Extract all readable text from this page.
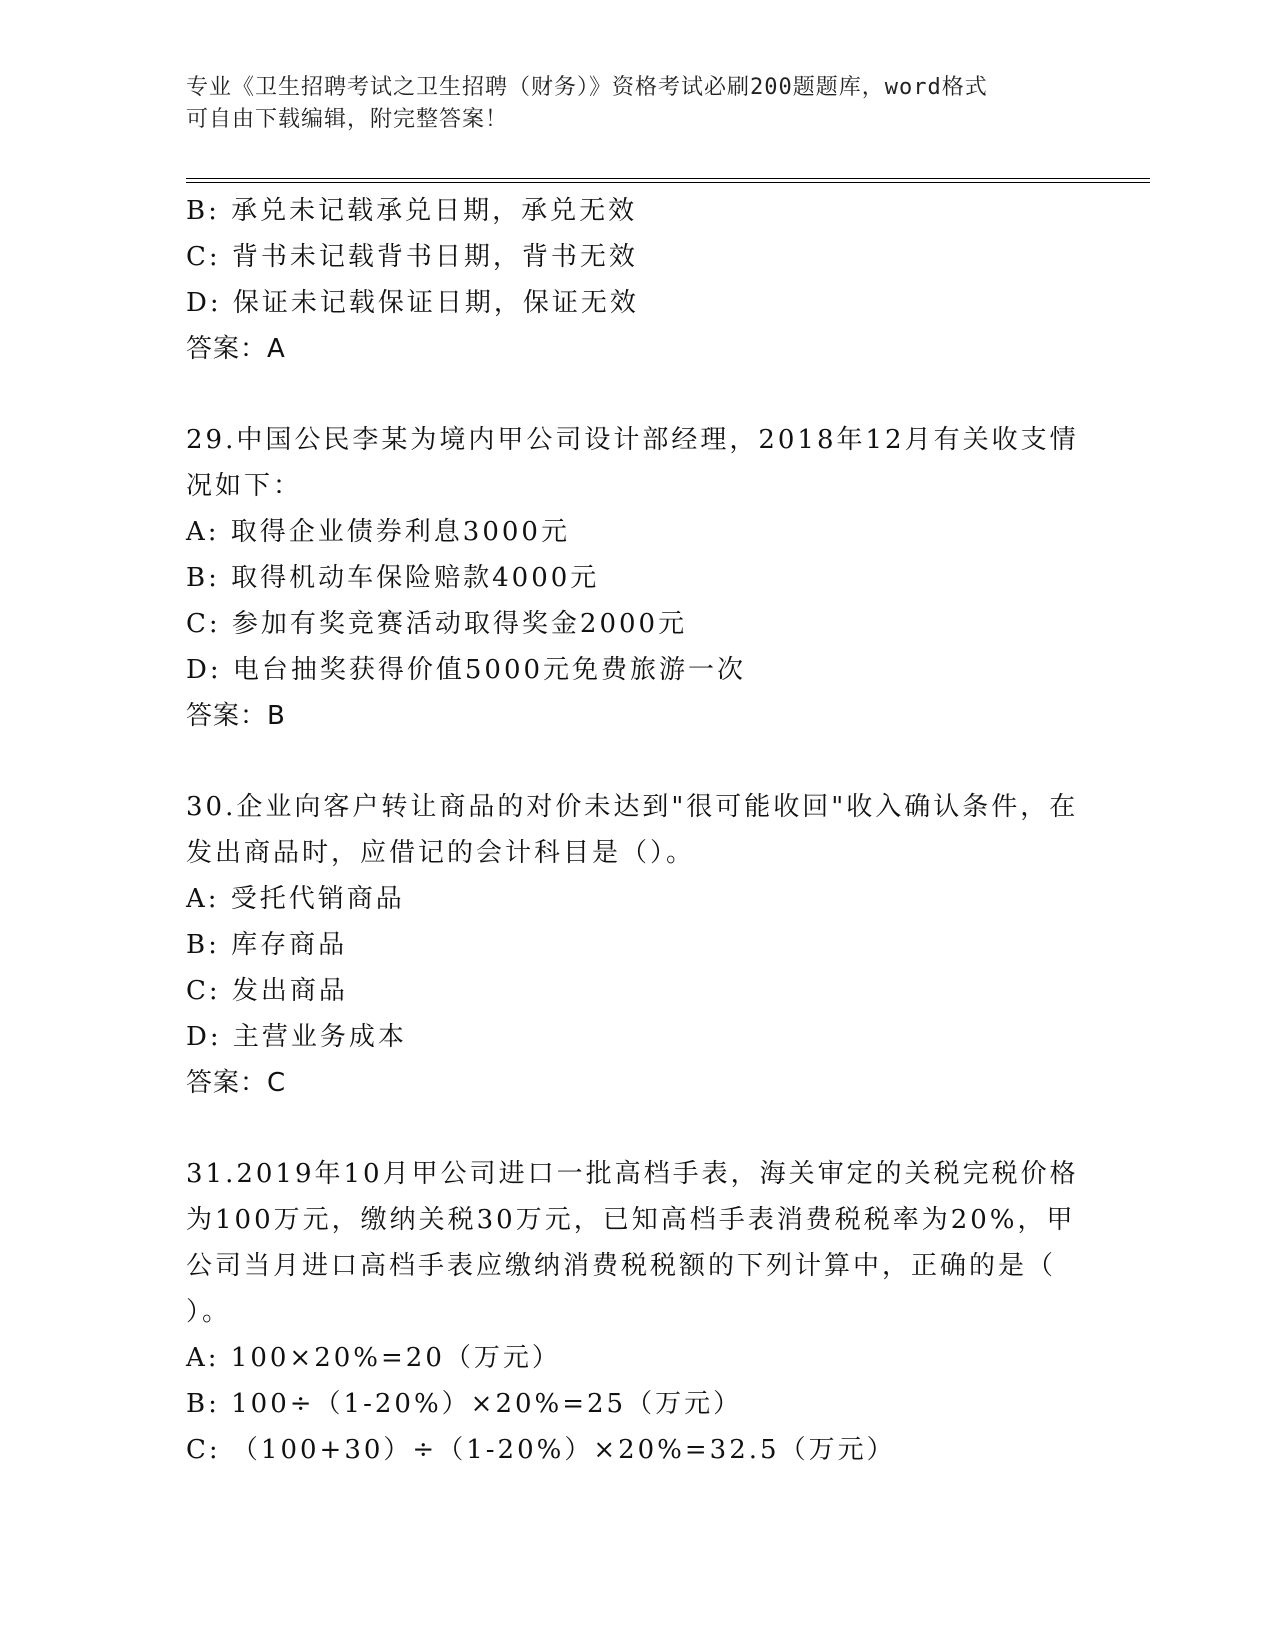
专业《卫生招聘考试之卫生招聘（财务）》资格考试必刷200题题库，word格式
可自由下载编辑，附完整答案！
B: 承兑未记载承兑日期，承兑无效
C: 背书未记载背书日期，背书无效
D: 保证未记载保证日期，保证无效
答案：A
29.中国公民李某为境内甲公司设计部经理，2018年12月有关收支情
况如下：
A: 取得企业债券利息3000元
B: 取得机动车保险赔款4000元
C: 参加有奖竞赛活动取得奖金2000元
D: 电台抽奖获得价值5000元免费旅游一次
答案：B
30.企业向客户转让商品的对价未达到"很可能收回"收入确认条件，在
发出商品时，应借记的会计科目是（）。
A: 受托代销商品
B: 库存商品
C: 发出商品
D: 主营业务成本
答案：C
31.2019年10月甲公司进口一批高档手表，海关审定的关税完税价格
为100万元，缴纳关税30万元，已知高档手表消费税税率为20%，甲
公司当月进口高档手表应缴纳消费税税额的下列计算中，正确的是（
）。
A: 100×20%=20（万元）
B: 100÷（1-20%）×20%=25（万元）
C: （100+30）÷（1-20%）×20%=32.5（万元）
